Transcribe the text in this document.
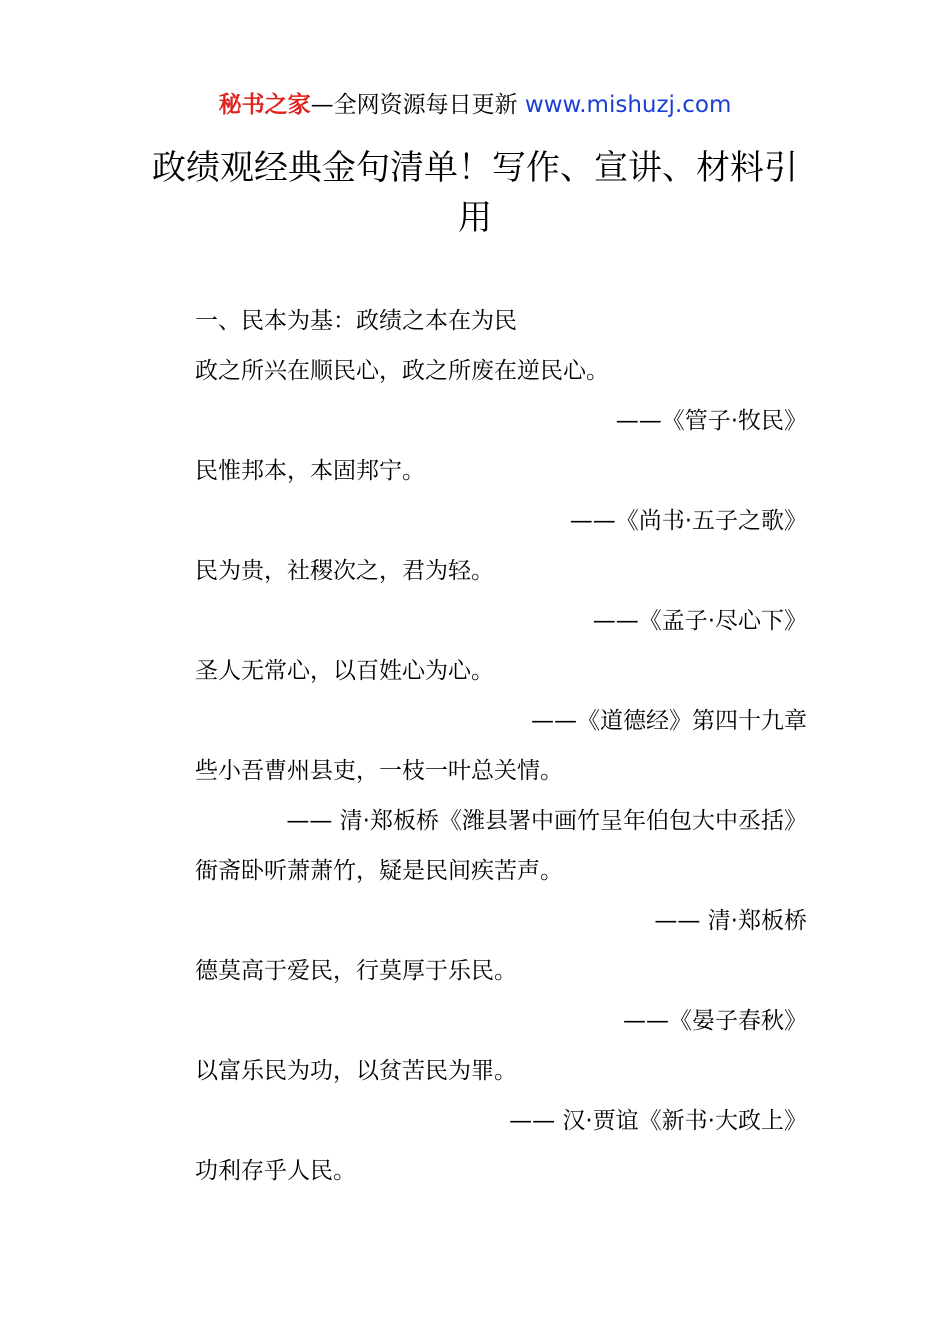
秘书之家—全网资源每日更新 www.mishuzj.com
政绩观经典金句清单！写作、宣讲、材料引用
一、民本为基：政绩之本在为民
政之所兴在顺民心，政之所废在逆民心。
——《管子·牧民》
民惟邦本，本固邦宁。
——《尚书·五子之歌》
民为贵，社稷次之，君为轻。
——《孟子·尽心下》
圣人无常心，以百姓心为心。
——《道德经》第四十九章
些小吾曹州县吏，一枝一叶总关情。
—— 清·郑板桥《潍县署中画竹呈年伯包大中丞括》
衙斋卧听萧萧竹，疑是民间疾苦声。
—— 清·郑板桥
德莫高于爱民，行莫厚于乐民。
——《晏子春秋》
以富乐民为功，以贫苦民为罪。
—— 汉·贾谊《新书·大政上》
功利存乎人民。
